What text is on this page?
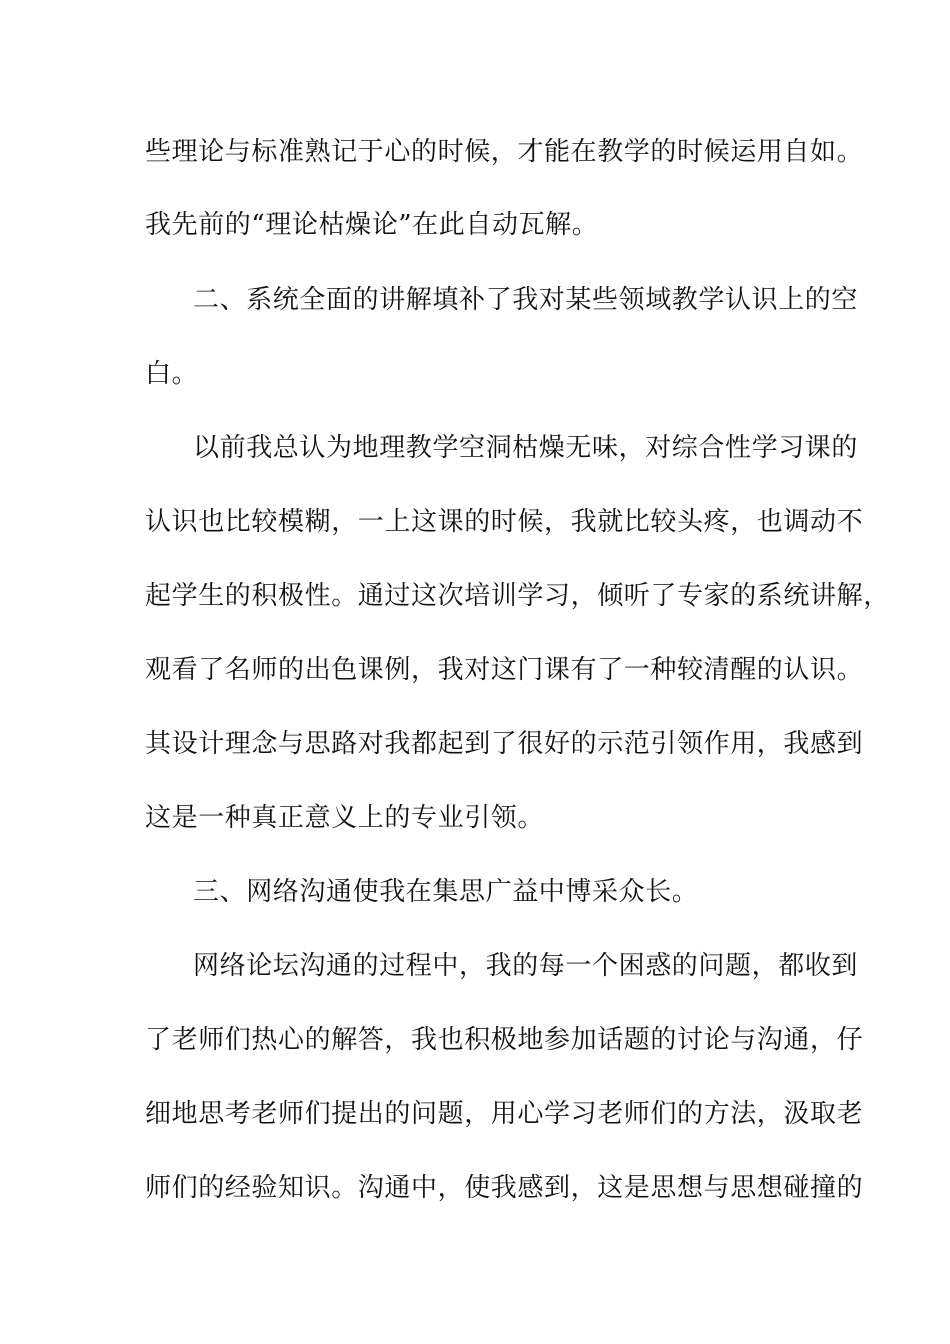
些理论与标准熟记于心的时候，才能在教学的时候运用自如。
我先前的“理论枯燥论”在此自动瓦解。
二、系统全面的讲解填补了我对某些领域教学认识上的空
白。
以前我总认为地理教学空洞枯燥无味，对综合性学习课的
认识也比较模糊，一上这课的时候，我就比较头疼，也调动不
起学生的积极性。通过这次培训学习，倾听了专家的系统讲解，
观看了名师的出色课例，我对这门课有了一种较清醒的认识。
其设计理念与思路对我都起到了很好的示范引领作用，我感到
这是一种真正意义上的专业引领。
三、网络沟通使我在集思广益中博采众长。
网络论坛沟通的过程中，我的每一个困惑的问题，都收到
了老师们热心的解答，我也积极地参加话题的讨论与沟通，仔
细地思考老师们提出的问题，用心学习老师们的方法，汲取老
师们的经验知识。沟通中，使我感到，这是思想与思想碰撞的
